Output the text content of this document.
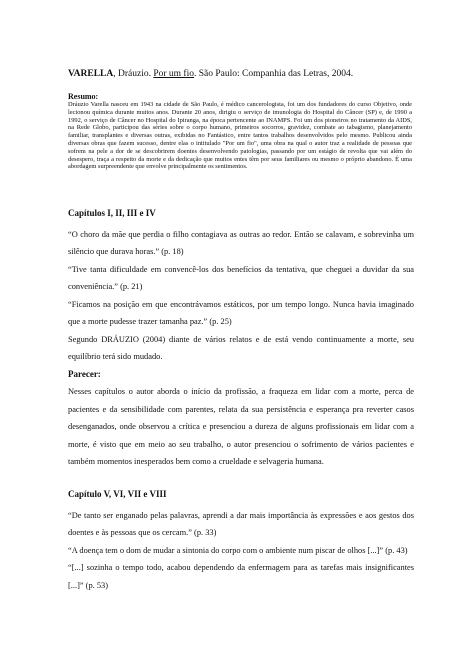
VARELLA, Dráuzio. Por um fio. São Paulo: Companhia das Letras, 2004.
Resumo:
Dráuzio Varella nasceu em 1943 na cidade de São Paulo, é médico cancerologista, foi um dos fundadores do curso Objetivo, onde lecionou química durante muitos anos. Durante 20 anos, dirigiu o serviço de imunologia do Hospital do Câncer (SP) e, de 1990 a 1992, o serviço de Câncer no Hospital do Ipiranga, na época pertencente ao INAMPS. Foi um dos pioneiros no tratamento da AIDS, na Rede Globo, participou das séries sobre o corpo humano, primeiros socorros, gravidez, combate ao tabagismo, planejamento familiar, transplantes e diversas outras, exibidas no Fantástico, entre tantos trabalhos desenvolvidos pelo mesmo. Publicou ainda diversas obras que fazem sucesso, dentre elas o intitulado "Por um fio", uma obra na qual o autor traz a realidade de pessoas que sofrem na pele a dor de se descobrirem doentes desenvolvendo patologias, passando por um estágio de revolta que vai além do desespero, traça a respeito da morte e da dedicação que muitos entes têm por seus familiares ou mesmo o próprio abandono. É uma abordagem surpreendente que envolve principalmente os sentimentos.
Capítulos I, II, III e IV

“O choro da mãe que perdia o filho contagiava as outras ao redor. Então se calavam, e sobrevinha um silêncio que durava horas.” (p. 18)

“Tive tanta dificuldade em convencê-los dos benefícios da tentativa, que cheguei a duvidar da sua conveniência.” (p. 21)

“Ficamos na posição em que encontrávamos estáticos, por um tempo longo. Nunca havia imaginado que a morte pudesse trazer tamanha paz.” (p. 25)

Segundo DRÁUZIO (2004) diante de vários relatos e de está vendo continuamente a morte, seu equilíbrio terá sido mudado.

Parecer:

Nesses capítulos o autor aborda o início da profissão, a fraqueza em lidar com a morte, perca de pacientes e da sensibilidade com parentes, relata da sua persistência e esperança pra reverter casos desenganados, onde observou a crítica e presenciou a dureza de alguns profissionais em lidar com a morte, é visto que em meio ao seu trabalho, o autor presenciou o sofrimento de vários pacientes e também momentos inesperados bem como a crueldade e selvageria humana.

Capítulo V, VI, VII e VIII

“De tanto ser enganado pelas palavras, aprendi a dar mais importância às expressões e aos gestos dos doentes e às pessoas que os cercam.” (p. 33)

“A doença tem o dom de mudar a sintonia do corpo com o ambiente num piscar de olhos [...]” (p. 43)

“[...] sozinha o tempo todo, acabou dependendo da enfermagem para as tarefas mais insignificantes [...]” (p. 53)
